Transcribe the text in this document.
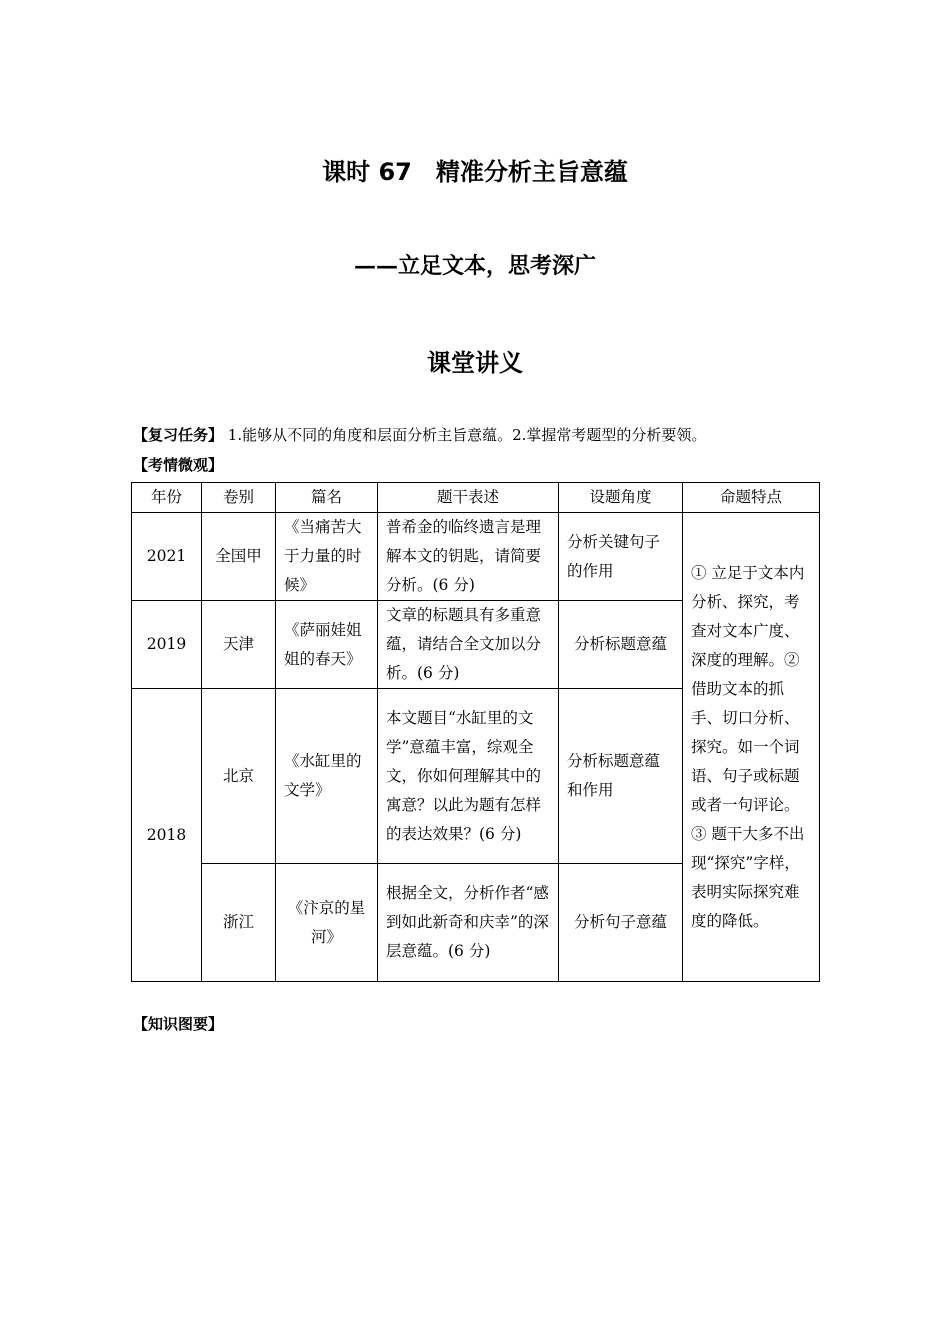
课时 67　精准分析主旨意蕴
——立足文本，思考深广
课堂讲义
【复习任务】 1.能够从不同的角度和层面分析主旨意蕴。2.掌握常考题型的分析要领。
【考情微观】
年份	卷别	篇名	题干表述	设题角度	命题特点
2021	全国甲	《当痛苦大于力量的时候》	普希金的临终遗言是理解本文的钥匙，请简要分析。(6 分)	分析关键句子的作用	① 立足于文本内分析、探究，考查对文本广度、深度的理解。② 借助文本的抓手、切口分析、探究。如一个词语、句子或标题或者一句评论。③ 题干大多不出现“探究”字样，表明实际探究难度的降低。
2019	天津	《萨丽娃姐姐的春天》	文章的标题具有多重意蕴，请结合全文加以分析。(6 分)	分析标题意蕴	
2018	北京	《水缸里的文学》	本文题目“水缸里的文学”意蕴丰富，综观全文，你如何理解其中的寓意？以此为题有怎样的表达效果？(6 分)	分析标题意蕴和作用	
	浙江	《汴京的星河》	根据全文，分析作者“感到如此新奇和庆幸”的深层意蕴。(6 分)	分析句子意蕴	
【知识图要】
